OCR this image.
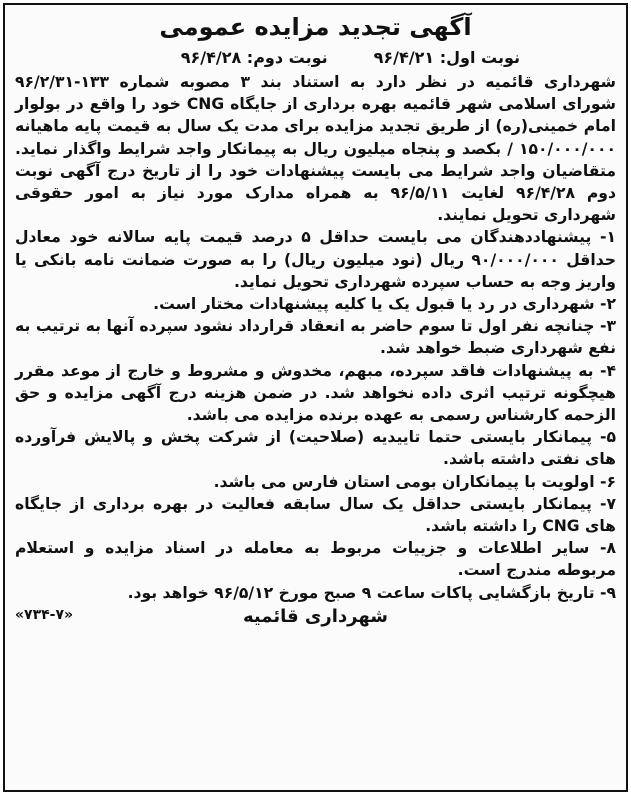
آگهی تجدید مزایده عمومی
نوبت اول: ۹۶/۴/۲۱
نوبت دوم: ۹۶/۴/۲۸

شهرداری قائمیه در نظر دارد به استناد بند ۳ مصوبه شماره ۱۳۳-۹۶/۲/۳۱ شورای اسلامی شهر قائمیه بهره برداری از جایگاه CNG خود را واقع در بولوار امام خمینی(ره) از طریق تجدید مزایده برای مدت یک سال به قیمت پایه ماهیانه ۱۵۰/۰۰۰/۰۰۰ / بکصد و پنجاه میلیون ریال به پیمانکار واجد شرایط واگذار نماید. متقاضیان واجد شرایط می بایست پیشنهادات خود را از تاریخ درج آگهی نوبت دوم ۹۶/۴/۲۸ لغایت ۹۶/۵/۱۱ به همراه مدارک مورد نیاز به امور حقوقی شهرداری تحویل نمایند.

۱- پیشنهاددهندگان می بایست حداقل ۵ درصد قیمت پایه سالانه خود معادل حداقل ۹۰/۰۰۰/۰۰۰ ریال (نود میلیون ریال) را به صورت ضمانت نامه بانکی یا واریز وجه به حساب سپرده شهرداری تحویل نماید.
۲- شهرداری در رد یا قبول یک یا کلیه پیشنهادات مختار است.
۳- چنانچه نفر اول تا سوم حاضر به انعقاد قرارداد نشود سپرده آنها به ترتیب به نفع شهرداری ضبط خواهد شد.
۴- به پیشنهادات فاقد سپرده، مبهم، مخدوش و مشروط و خارج از موعد مقرر هیچگونه ترتیب اثری داده نخواهد شد. در ضمن هزینه درج آگهی مزایده و حق الزحمه کارشناس رسمی به عهده برنده مزایده می باشد.
۵- پیمانکار بایستی حتما تاییدیه (صلاحیت) از شرکت پخش و پالایش فرآورده های نفتی داشته باشد.
۶- اولویت با پیمانکاران بومی استان فارس می باشد.
۷- پیمانکار بایستی حداقل یک سال سابقه فعالیت در بهره برداری از جایگاه های CNG را داشته باشد.
۸- سایر اطلاعات و جزییات مربوط به معامله در اسناد مزایده و استعلام مربوطه مندرج است.
۹- تاریخ بازگشایی پاکات ساعت ۹ صبح مورخ ۹۶/۵/۱۲ خواهد بود.
«۷۳۴-۷»	شهرداری قائمیه
